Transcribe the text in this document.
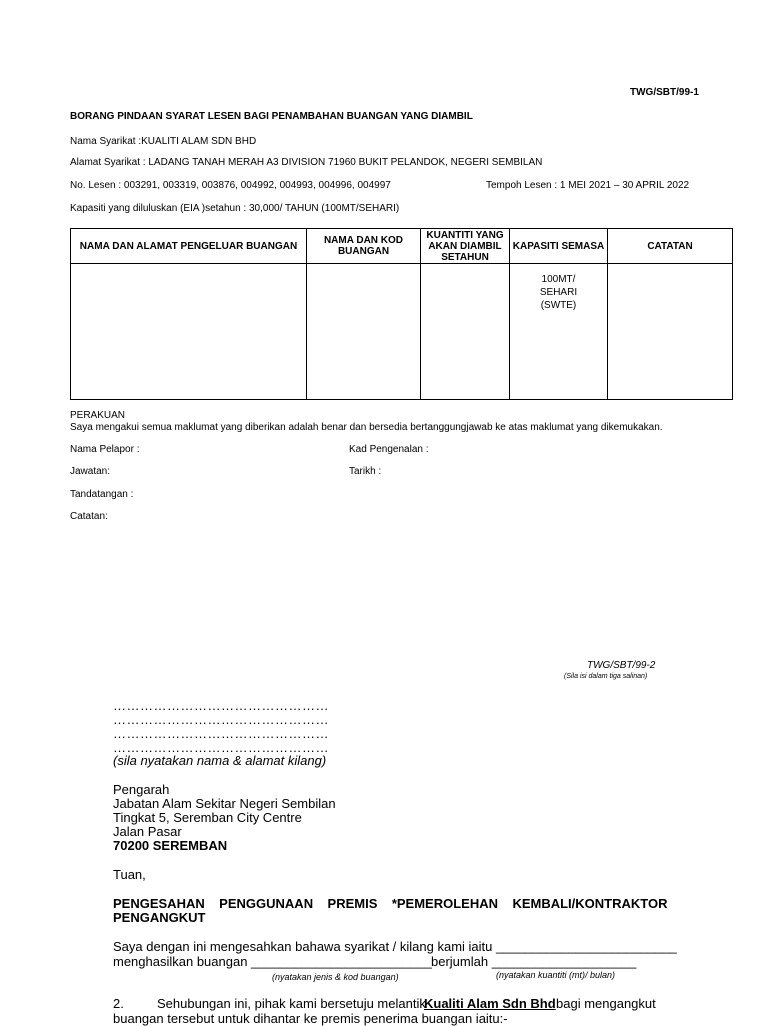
TWG/SBT/99-1
BORANG PINDAAN SYARAT LESEN BAGI PENAMBAHAN BUANGAN YANG DIAMBIL
Nama Syarikat :KUALITI ALAM SDN BHD
Alamat Syarikat : LADANG TANAH MERAH A3 DIVISION 71960 BUKIT PELANDOK, NEGERI SEMBILAN
No. Lesen : 003291, 003319, 003876, 004992, 004993, 004996, 004997	Tempoh Lesen : 1 MEI 2021 – 30 APRIL 2022
Kapasiti yang diluluskan (EIA )setahun : 30,000/ TAHUN (100MT/SEHARI)
NAMA DAN ALAMAT PENGELUAR BUANGAN	NAMA DAN KOD BUANGAN	KUANTITI YANG AKAN DIAMBIL SETAHUN	KAPASITI SEMASA	CATATAN

			100MT/ SEHARI (SWTE)	

PERAKUAN
Saya mengakui semua maklumat yang diberikan adalah benar dan bersedia bertanggungjawab ke atas maklumat yang dikemukakan.
Nama Pelapor :	Kad Pengenalan :
Jawatan:	Tarikh :
Tandatangan :
Catatan:
TWG/SBT/99-2
(Sila isi dalam tiga salinan)
…………………………………………
…………………………………………
…………………………………………
…………………………………………
(sila nyatakan nama & alamat kilang)
Pengarah
Jabatan Alam Sekitar Negeri Sembilan
Tingkat 5, Seremban City Centre
Jalan Pasar
70200 SEREMBAN
Tuan,
PENGESAHAN    PENGGUNAAN    PREMIS    *PEMEROLEHAN    KEMBALI/KONTRAKTOR
PENGANGKUT
Saya dengan ini mengesahkan bahawa syarikat / kilang kami iaitu _________________________
menghasilkan buangan _________________________ berjumlah ____________________
(nyatakan jenis & kod buangan)	(nyatakan kuantiti (mt)/ bulan)
2.	Sehubungan ini, pihak kami bersetuju melantik
Kualiti Alam Sdn Bhd bagi mengangkut
buangan tersebut untuk dihantar ke premis penerima buangan iaitu:-
